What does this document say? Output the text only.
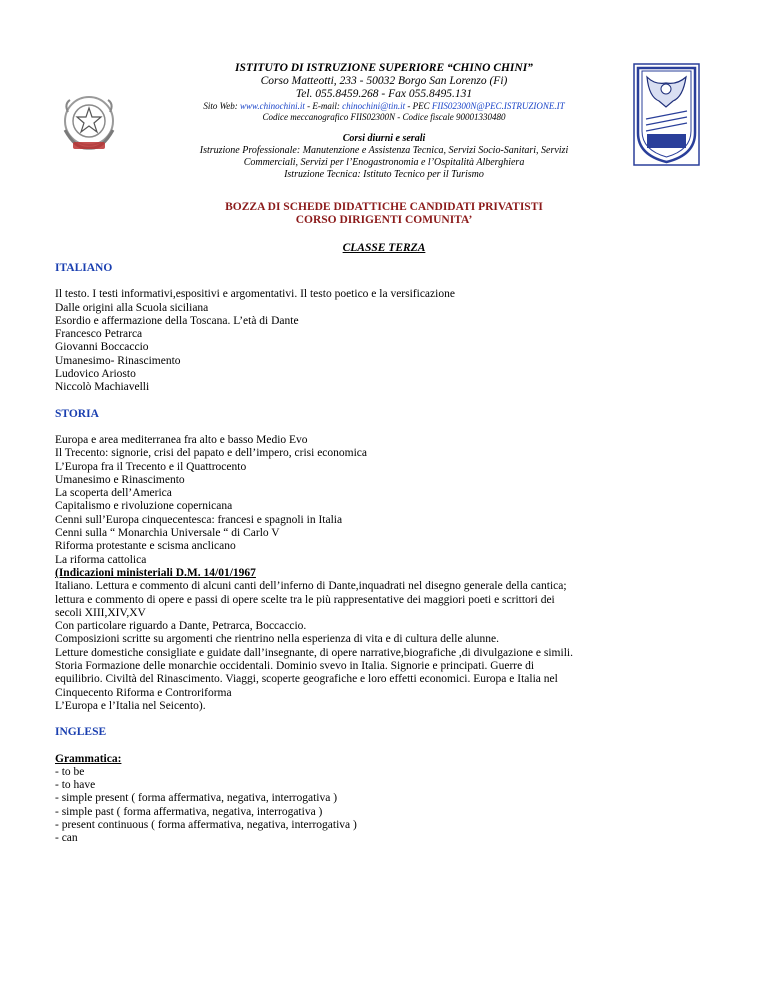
ISTITUTO DI ISTRUZIONE SUPERIORE “CHINO CHINI”
Corso Matteotti, 233 - 50032 Borgo San Lorenzo (Fi)
Tel. 055.8459.268 - Fax 055.8495.131
Sito Web: www.chinochini.it - E-mail: chinochini@tin.it - PEC FIIS02300N@PEC.ISTRUZIONE.IT
Codice meccanografico FIIS02300N - Codice fiscale 90001330480
Corsi diurni e serali
Istruzione Professionale: Manutenzione e Assistenza Tecnica, Servizi Socio-Sanitari, Servizi
Commerciali, Servizi per l’Enogastronomia e l’Ospitalità Alberghiera
Istruzione Tecnica: Istituto Tecnico per il Turismo
BOZZA DI SCHEDE DIDATTICHE CANDIDATI PRIVATISTI
CORSO DIRIGENTI COMUNITA’
CLASSE TERZA

ITALIANO

Il testo. I testi informativi,espositivi e argomentativi. Il testo poetico e la versificazione
Dalle origini alla Scuola siciliana
Esordio e affermazione della Toscana. L’età di Dante
Francesco Petrarca
Giovanni Boccaccio
Umanesimo- Rinascimento
Ludovico Ariosto
Niccolò Machiavelli

STORIA

Europa e area mediterranea fra alto e basso Medio Evo
Il Trecento: signorie, crisi del papato e dell’impero, crisi economica
L’Europa fra il Trecento e il Quattrocento
Umanesimo e Rinascimento
La scoperta dell’America
Capitalismo e rivoluzione copernicana
Cenni sull’Europa cinquecentesca: francesi e spagnoli in Italia
Cenni sulla “ Monarchia Universale “ di Carlo V
Riforma protestante e scisma anclicano
La riforma cattolica
(Indicazioni ministeriali D.M. 14/01/1967
Italiano. Lettura e commento di alcuni canti dell’inferno di Dante,inquadrati nel disegno generale della cantica;
lettura e commento di opere e passi di opere scelte tra le più rappresentative dei maggiori poeti e scrittori dei
secoli XIII,XIV,XV
Con particolare riguardo a Dante, Petrarca, Boccaccio.
Composizioni scritte su argomenti che rientrino nella esperienza di vita e di cultura delle alunne.
Letture domestiche consigliate e guidate dall’insegnante, di opere narrative,biografiche ,di divulgazione e simili.
Storia Formazione delle monarchie occidentali. Dominio svevo in Italia. Signorie e principati. Guerre di
equilibrio. Civiltà del Rinascimento. Viaggi, scoperte geografiche e loro effetti economici. Europa e Italia nel
Cinquecento Riforma e Controriforma
L’Europa e l’Italia nel Seicento).

INGLESE

Grammatica:
- to be
- to have
- simple present ( forma affermativa, negativa, interrogativa )
- simple past ( forma affermativa, negativa, interrogativa )
- present continuous ( forma affermativa, negativa, interrogativa )
- can
